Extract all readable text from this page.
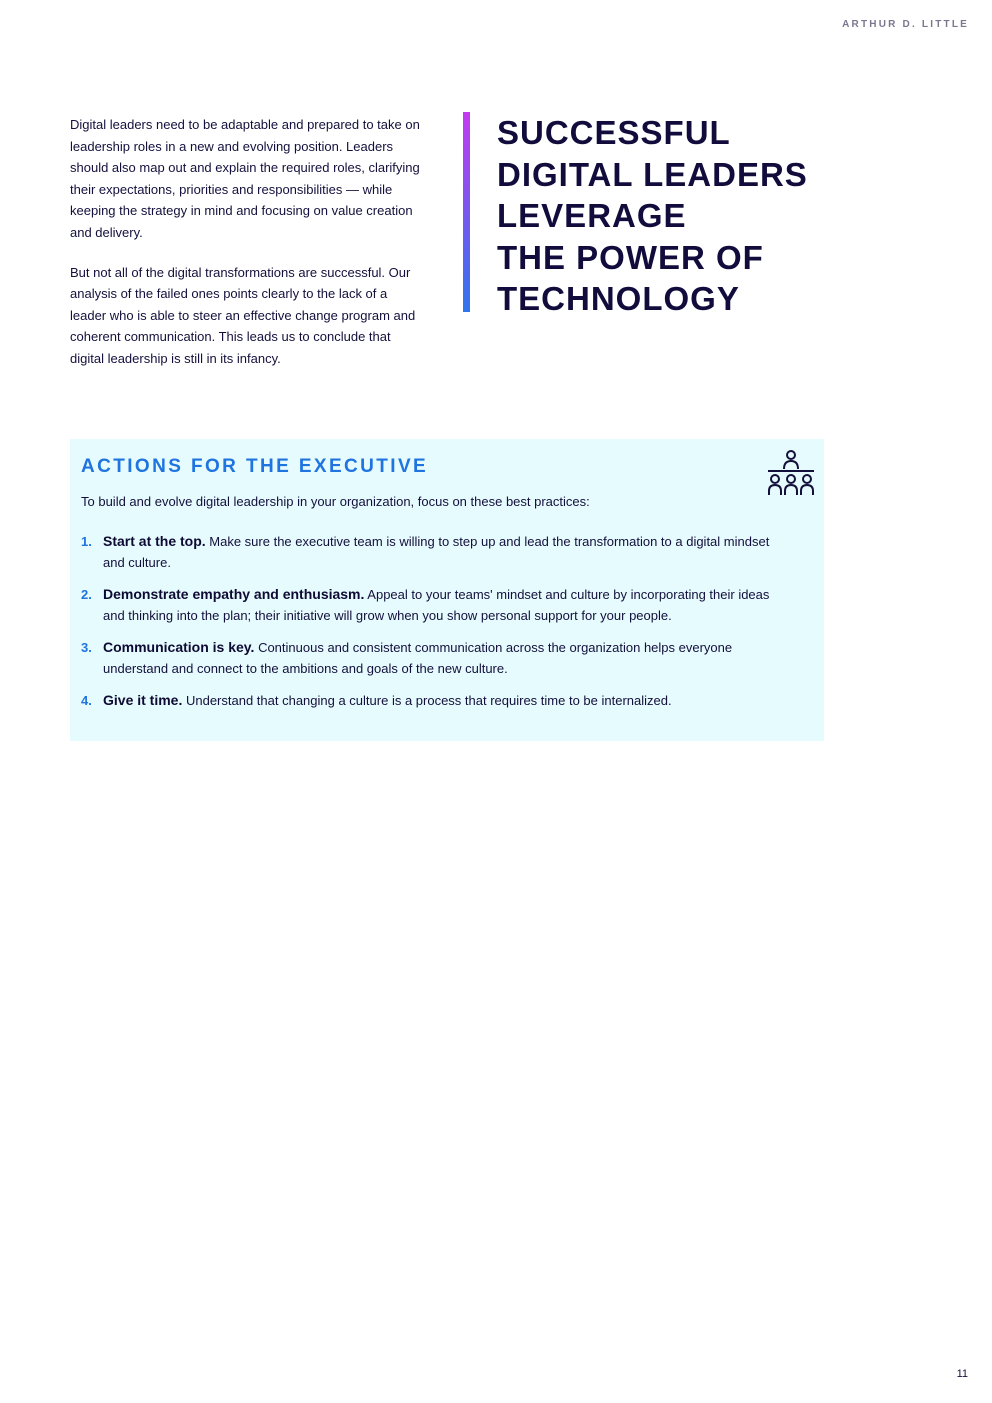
ARTHUR D. LITTLE

Digital leaders need to be adaptable and prepared to take on leadership roles in a new and evolving position. Leaders should also map out and explain the required roles, clarifying their expectations, priorities and responsibilities — while keeping the strategy in mind and focusing on value creation and delivery.

But not all of the digital transformations are successful. Our analysis of the failed ones points clearly to the lack of a leader who is able to steer an effective change program and coherent communication. This leads us to conclude that digital leadership is still in its infancy.

SUCCESSFUL
DIGITAL LEADERS
LEVERAGE
THE POWER OF
TECHNOLOGY

ACTIONS FOR THE EXECUTIVE

To build and evolve digital leadership in your organization, focus on these best practices:

1. Start at the top. Make sure the executive team is willing to step up and lead the transformation to a digital mindset and culture.
2. Demonstrate empathy and enthusiasm. Appeal to your teams' mindset and culture by incorporating their ideas and thinking into the plan; their initiative will grow when you show personal support for your people.
3. Communication is key. Continuous and consistent communication across the organization helps everyone understand and connect to the ambitions and goals of the new culture.
4. Give it time. Understand that changing a culture is a process that requires time to be internalized.
11
